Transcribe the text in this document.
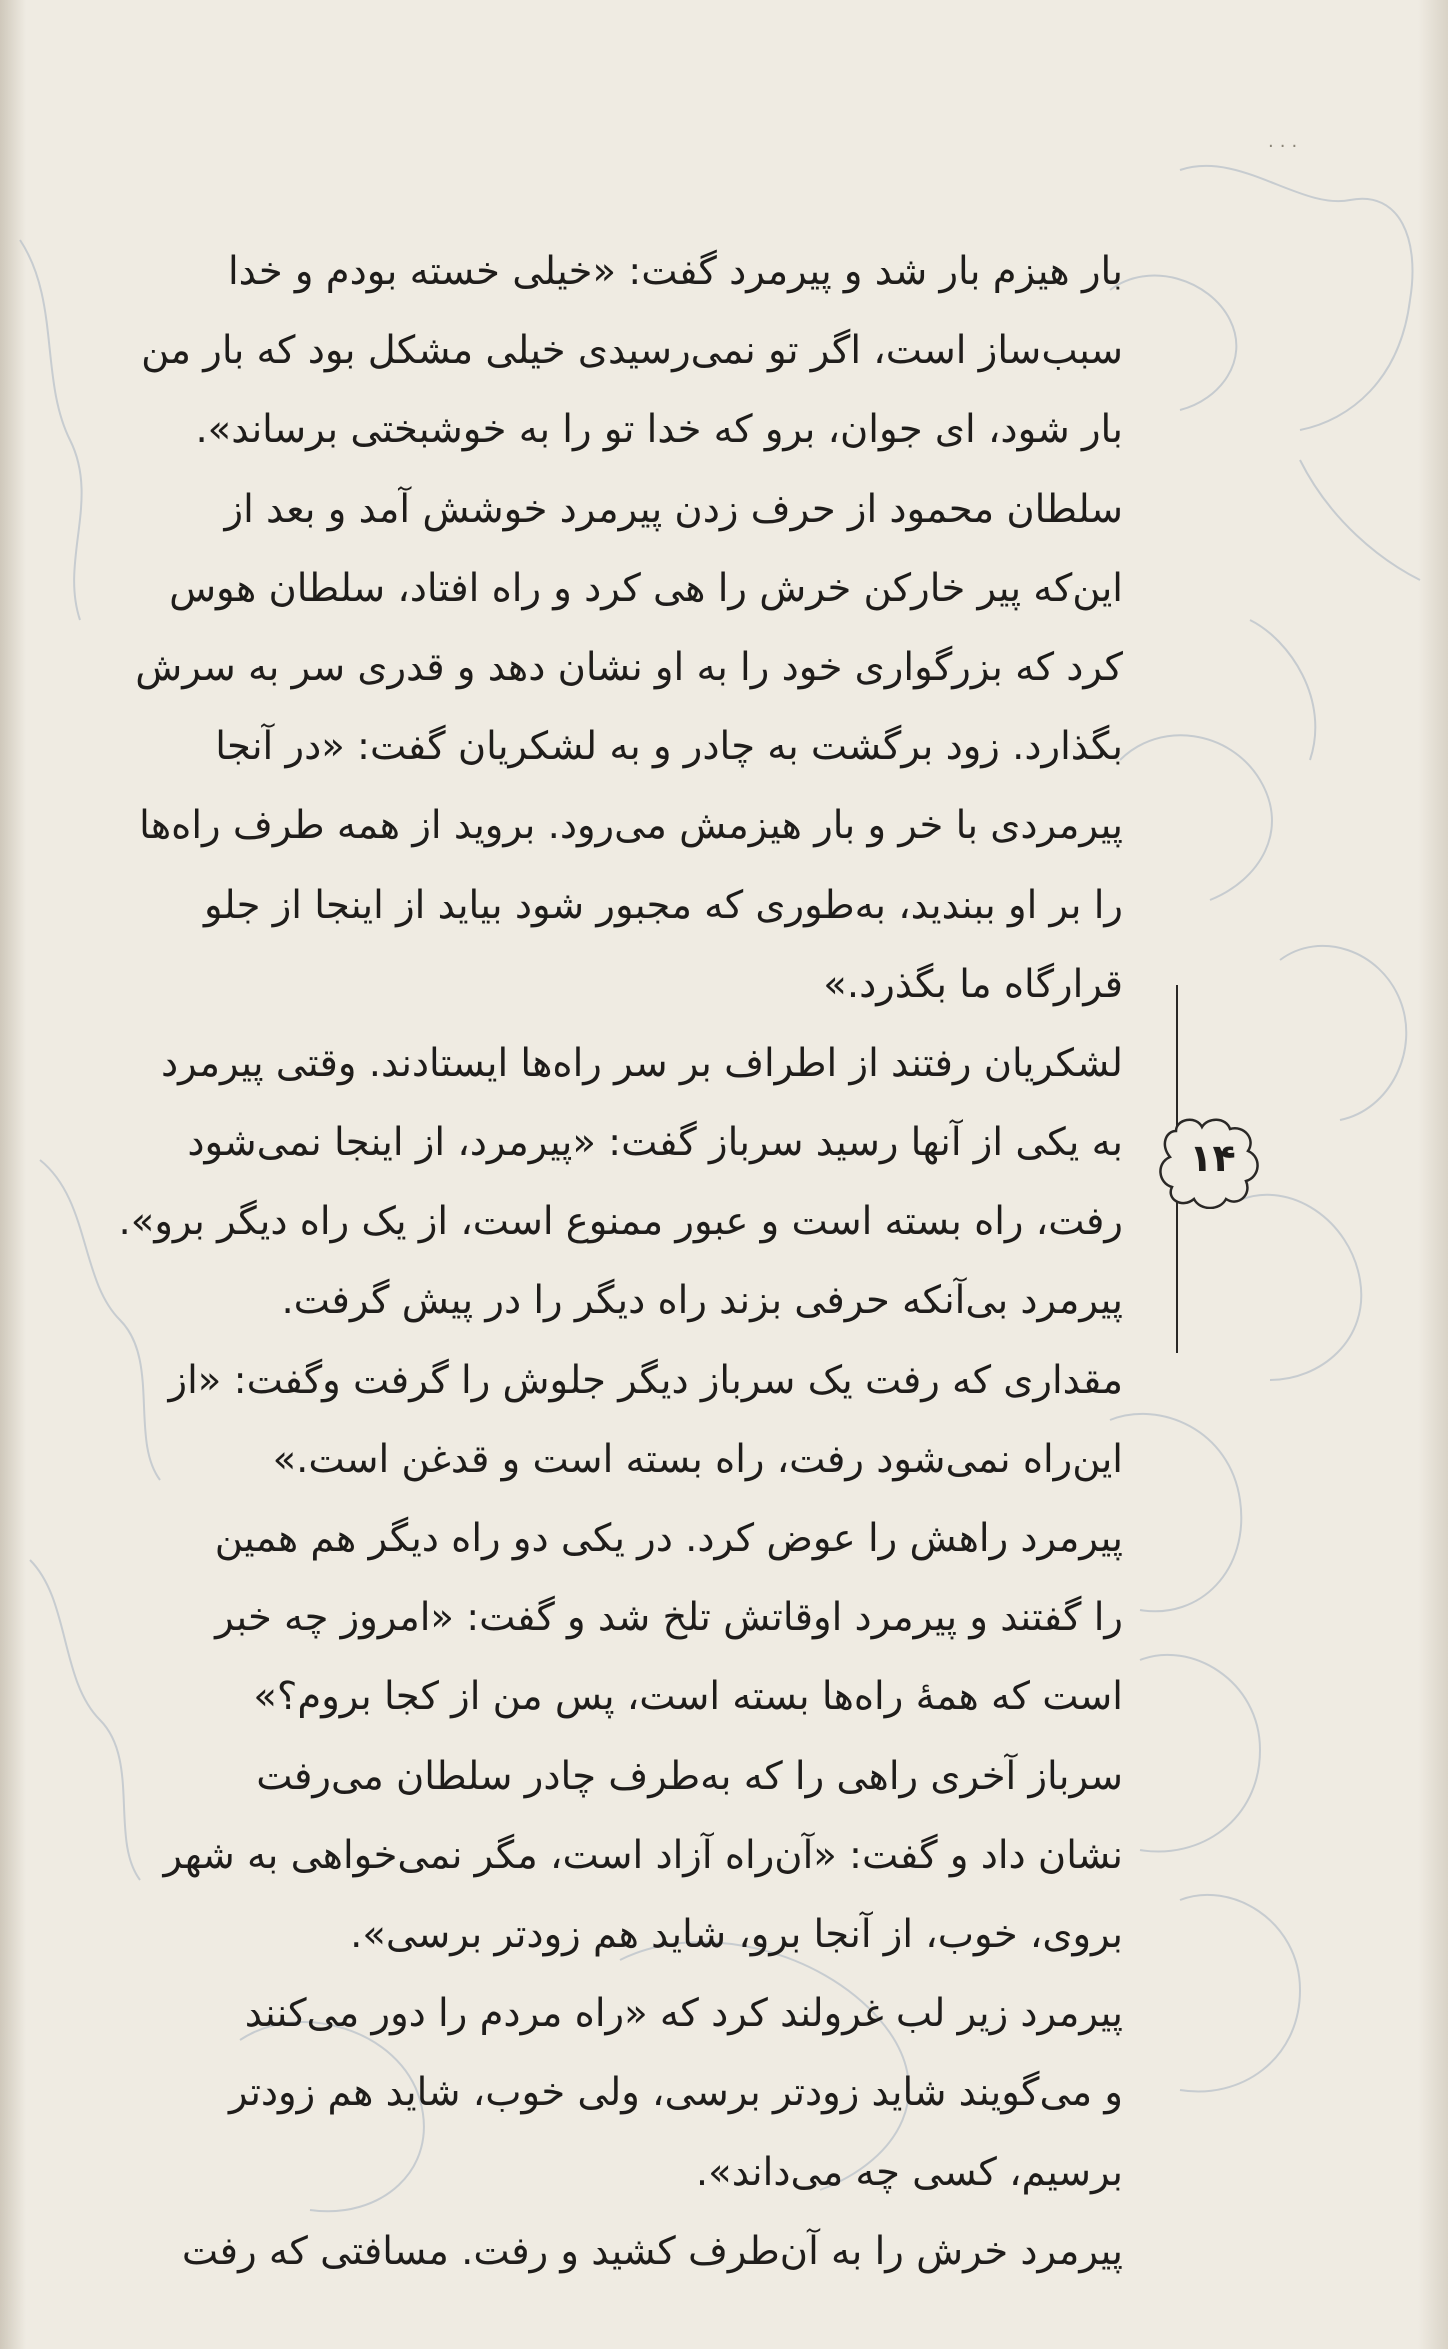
···
بار هیزم بار شد و پیرمرد گفت: «خیلی خسته بودم و خدا
سبب‌ساز است، اگر تو نمی‌رسیدی خیلی مشکل بود که بار من
بار شود، ای جوان، برو که خدا تو را به خوشبختی برساند».
سلطان محمود از حرف زدن پیرمرد خوشش آمد و بعد از
این‌که پیر خارکن خرش را هی کرد و راه افتاد، سلطان هوس
کرد که بزرگواری خود را به او نشان دهد و قدری سر به سرش
بگذارد. زود برگشت به چادر و به لشکریان گفت: «در آنجا
پیرمردی با خر و بار هیزمش می‌رود. بروید از همه طرف راه‌ها
را بر او ببندید، به‌طوری که مجبور شود بیاید از اینجا از جلو
قرارگاه ما بگذرد.»
لشکریان رفتند از اطراف بر سر راه‌ها ایستادند. وقتی پیرمرد
به یکی از آنها رسید سرباز گفت: «پیرمرد، از اینجا نمی‌شود
رفت، راه بسته است و عبور ممنوع است، از یک راه دیگر برو».
پیرمرد بی‌آنکه حرفی بزند راه دیگر را در پیش گرفت.
مقداری که رفت یک سرباز دیگر جلوش را گرفت وگفت: «از
این‌راه نمی‌شود رفت، راه بسته است و قدغن است.»
پیرمرد راهش را عوض کرد. در یکی دو راه دیگر هم همین
را گفتند و پیرمرد اوقاتش تلخ شد و گفت: «امروز چه خبر
است که همهٔ راه‌ها بسته است، پس من از کجا بروم؟»
سرباز آخری راهی را که به‌طرف چادر سلطان می‌رفت
نشان داد و گفت: «آن‌راه آزاد است، مگر نمی‌خواهی به شهر
بروی، خوب، از آنجا برو، شاید هم زودتر برسی».
پیرمرد زیر لب غرولند کرد که «راه مردم را دور می‌کنند
و می‌گویند شاید زودتر برسی، ولی خوب، شاید هم زودتر
برسیم، کسی چه می‌داند».
پیرمرد خرش را به آن‌طرف کشید و رفت. مسافتی که رفت
۱۴
